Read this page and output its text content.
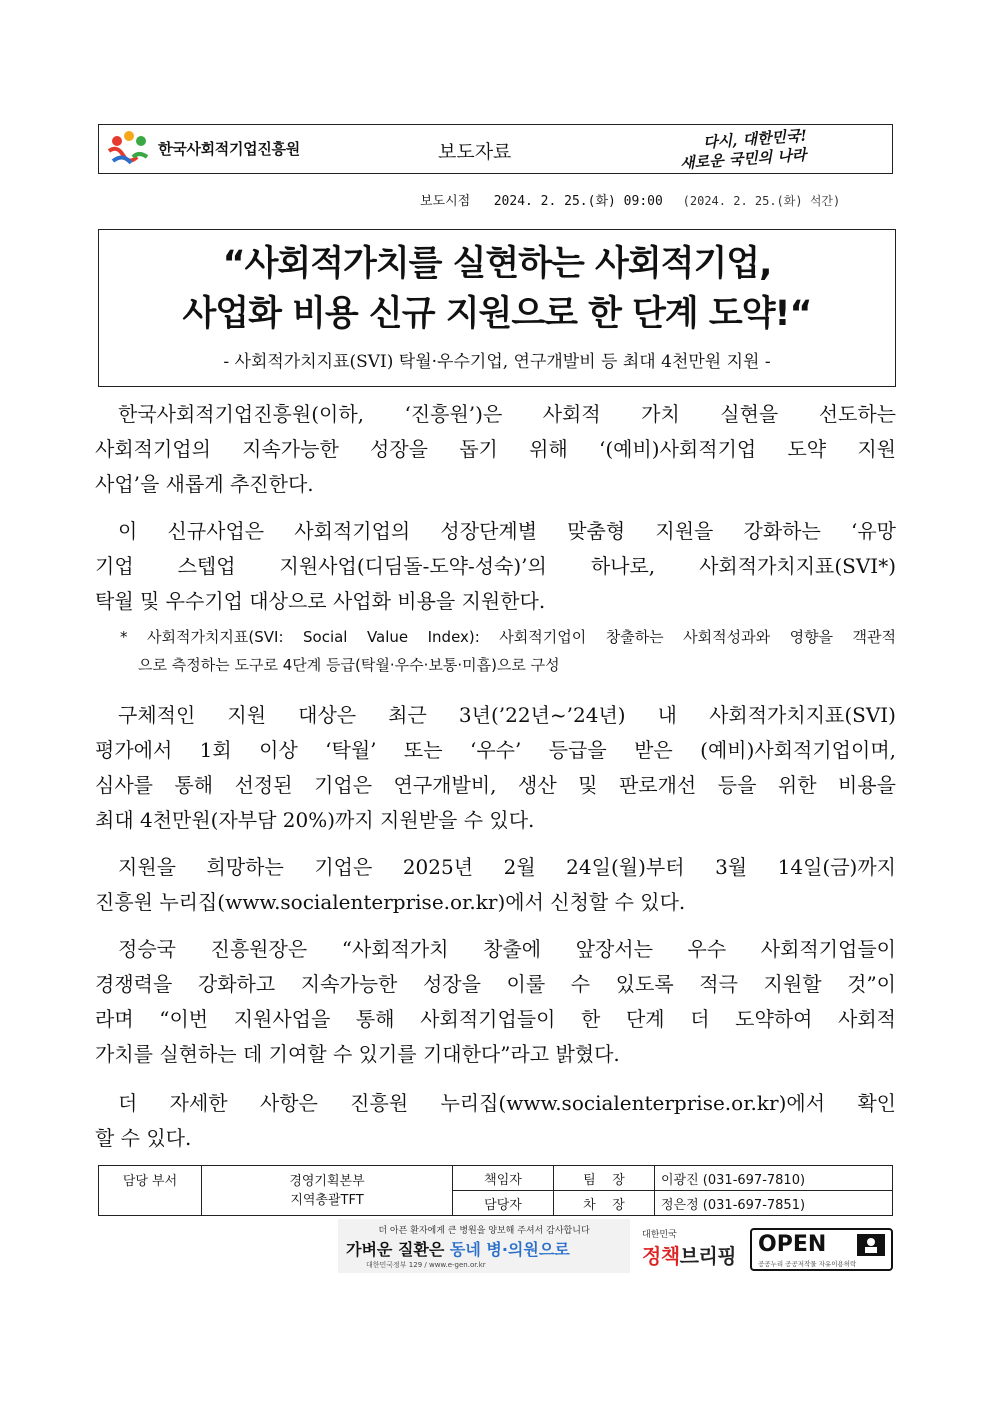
한국사회적기업진흥원	보도자료
다시, 대한민국!
새로운 국민의 나라
보도시점 2024. 2. 25.(화) 09:00 (2024. 2. 25.(화) 석간)
“사회적가치를 실현하는 사회적기업,
사업화 비용 신규 지원으로 한 단계 도약!“
- 사회적가치지표(SVI) 탁월·우수기업, 연구개발비 등 최대 4천만원 지원 -
한국사회적기업진흥원(이하, ‘진흥원’)은 사회적 가치 실현을 선도하는
사회적기업의 지속가능한 성장을 돕기 위해 ‘(예비)사회적기업 도약 지원
사업’을 새롭게 추진한다.
이 신규사업은 사회적기업의 성장단계별 맞춤형 지원을 강화하는 ‘유망
기업 스텝업 지원사업(디딤돌-도약-성숙)’의 하나로, 사회적가치지표(SVI*)
탁월 및 우수기업 대상으로 사업화 비용을 지원한다.
* 사회적가치지표(SVI: Social Value Index): 사회적기업이 창출하는 사회적성과와 영향을 객관적
으로 측정하는 도구로 4단계 등급(탁월·우수·보통·미흡)으로 구성
구체적인 지원 대상은 최근 3년(’22년~’24년) 내 사회적가치지표(SVI)
평가에서 1회 이상 ‘탁월’ 또는 ‘우수’ 등급을 받은 (예비)사회적기업이며,
심사를 통해 선정된 기업은 연구개발비, 생산 및 판로개선 등을 위한 비용을
최대 4천만원(자부담 20%)까지 지원받을 수 있다.
지원을 희망하는 기업은 2025년 2월 24일(월)부터 3월 14일(금)까지
진흥원 누리집(www.socialenterprise.or.kr)에서 신청할 수 있다.
정승국 진흥원장은 “사회적가치 창출에 앞장서는 우수 사회적기업들이
경쟁력을 강화하고 지속가능한 성장을 이룰 수 있도록 적극 지원할 것”이
라며 “이번 지원사업을 통해 사회적기업들이 한 단계 더 도약하여 사회적
가치를 실현하는 데 기여할 수 있기를 기대한다”라고 밝혔다.
더 자세한 사항은 진흥원 누리집(www.socialenterprise.or.kr)에서 확인
할 수 있다.
담당 부서	경영기획본부
지역총괄TFT	책임자	팀    장	이광진 (031-697-7810)
		담당자	차    장	정은정 (031-697-7851)
더 아픈 환자에게 큰 병원을 양보해 주셔서 감사합니다
가벼운 질환은 동네 병·의원으로
대한민국정부 129 / www.e-gen.or.kr
대한민국
정책브리핑 OPEN
공공누리 공공저작물 자유이용허락
